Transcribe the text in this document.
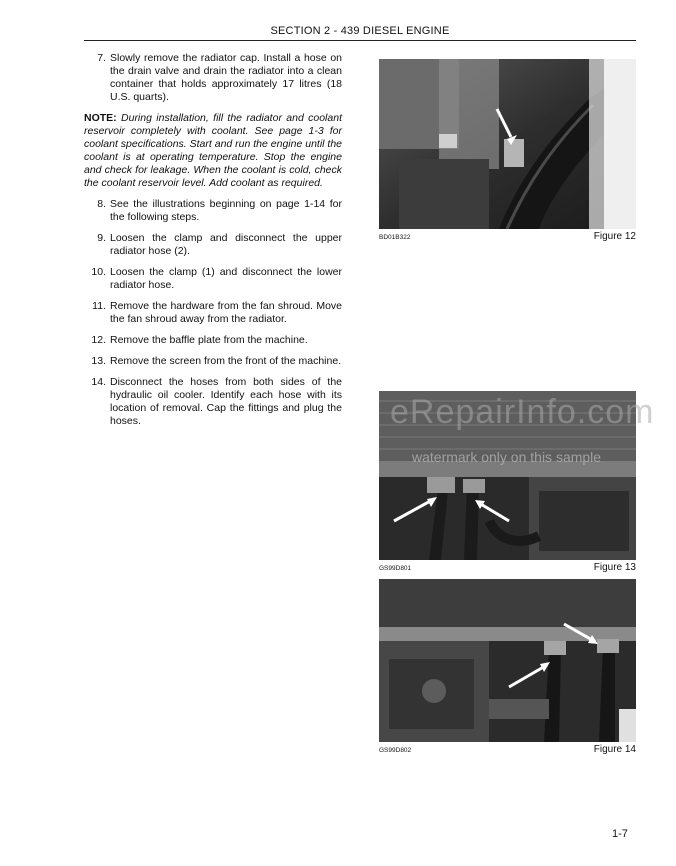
SECTION 2 - 439 DIESEL ENGINE
7. Slowly remove the radiator cap. Install a hose on the drain valve and drain the radiator into a clean container that holds approximately 17 litres (18 U.S. quarts).
NOTE: During installation, fill the radiator and coolant reservoir completely with coolant. See page 1-3 for coolant specifications. Start and run the engine until the coolant is at operating temperature. Stop the engine and check for leakage. When the coolant is cold, check the coolant reservoir level. Add coolant as required.
8. See the illustrations beginning on page 1-14 for the following steps.
9. Loosen the clamp and disconnect the upper radiator hose (2).
10. Loosen the clamp (1) and disconnect the lower radiator hose.
11. Remove the hardware from the fan shroud. Move the fan shroud away from the radiator.
12. Remove the baffle plate from the machine.
13. Remove the screen from the front of the machine.
14. Disconnect the hoses from both sides of the hydraulic oil cooler. Identify each hose with its location of removal. Cap the fittings and plug the hoses.
BD01B322	Figure 12
GS99D801	Figure 13
GS99D802	Figure 14
eRepairInfo.com
watermark only on this sample
1-7
